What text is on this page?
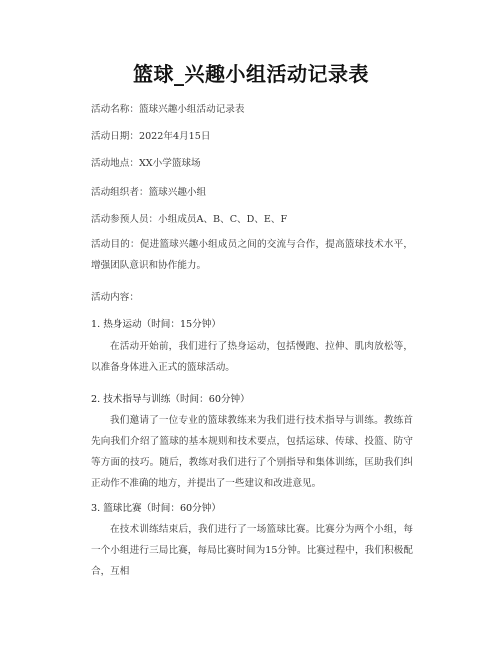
篮球_兴趣小组活动记录表
活动名称：篮球兴趣小组活动记录表
活动日期：2022年4月15日
活动地点：XX小学篮球场
活动组织者：篮球兴趣小组
活动参预人员：小组成员A、B、C、D、E、F
活动目的：促进篮球兴趣小组成员之间的交流与合作，提高篮球技术水平，增强团队意识和协作能力。
活动内容：
1. 热身运动（时间：15分钟）
在活动开始前，我们进行了热身运动，包括慢跑、拉伸、肌肉放松等，以准备身体进入正式的篮球活动。
2. 技术指导与训练（时间：60分钟）
我们邀请了一位专业的篮球教练来为我们进行技术指导与训练。教练首先向我们介绍了篮球的基本规则和技术要点，包括运球、传球、投篮、防守等方面的技巧。随后，教练对我们进行了个别指导和集体训练，匡助我们纠正动作不准确的地方，并提出了一些建议和改进意见。
3. 篮球比赛（时间：60分钟）
在技术训练结束后，我们进行了一场篮球比赛。比赛分为两个小组，每一个小组进行三局比赛，每局比赛时间为15分钟。比赛过程中，我们积极配合，互相
